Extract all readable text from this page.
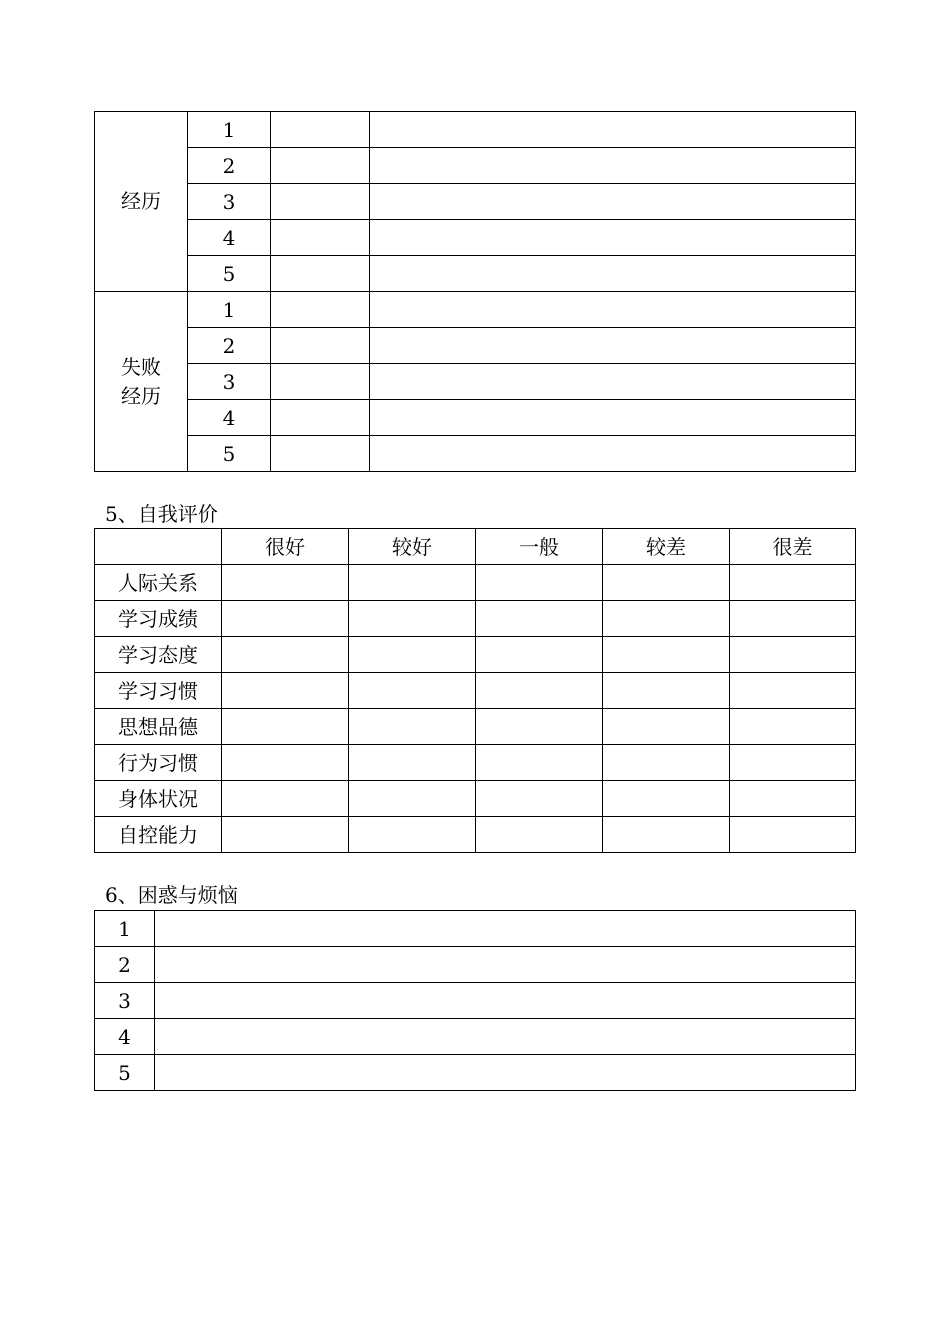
经历	1		
	2		
	3		
	4		
	5		
失败
经历	1		
	2		
	3		
	4		
	5		
5、自我评价
	很好	较好	一般	较差	很差
人际关系					
学习成绩					
学习态度					
学习习惯					
思想品德					
行为习惯					
身体状况					
自控能力					
6、困惑与烦恼
1	
2	
3	
4	
5	
